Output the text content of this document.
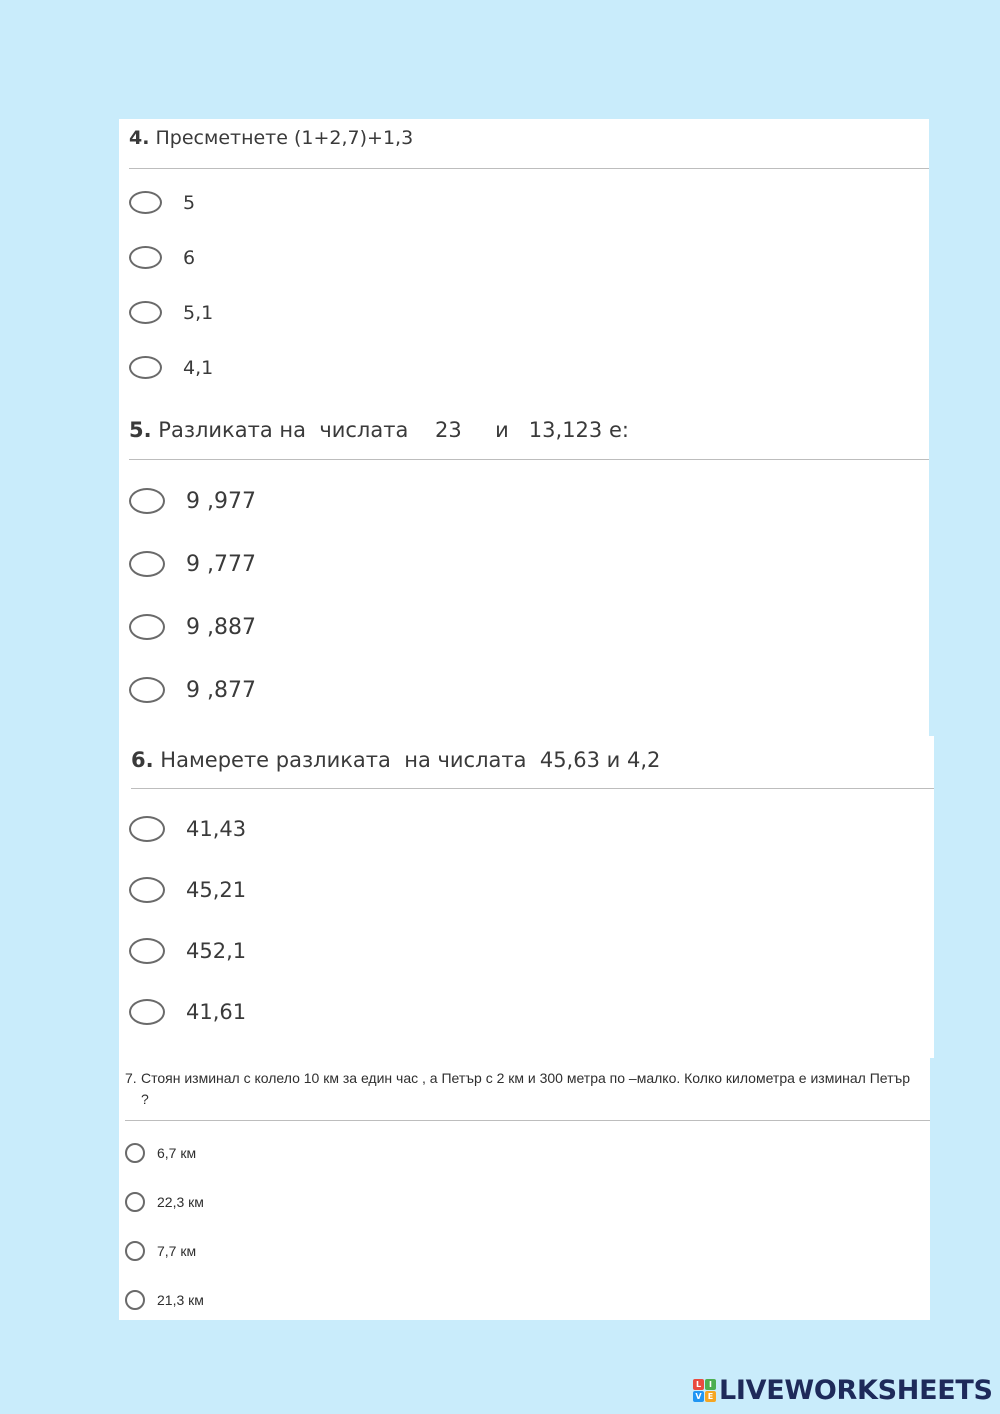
4. Пресметнете (1+2,7)+1,3
5
6
5,1
4,1
5. Разликата на  числата    23     и   13,123 е:
9 ,977
9 ,777
9 ,887
9 ,877
6. Намерете разликата  на числата  45,63 и 4,2
41,43
45,21
452,1
41,61
7. Стоян изминал с колело 10 км за един час , а Петър с 2 км и 300 метра по –малко. Колко километра е изминал Петър ?
6,7 км
22,3 км
7,7 км
21,3 км
L I
V E LIVEWORKSHEETS
